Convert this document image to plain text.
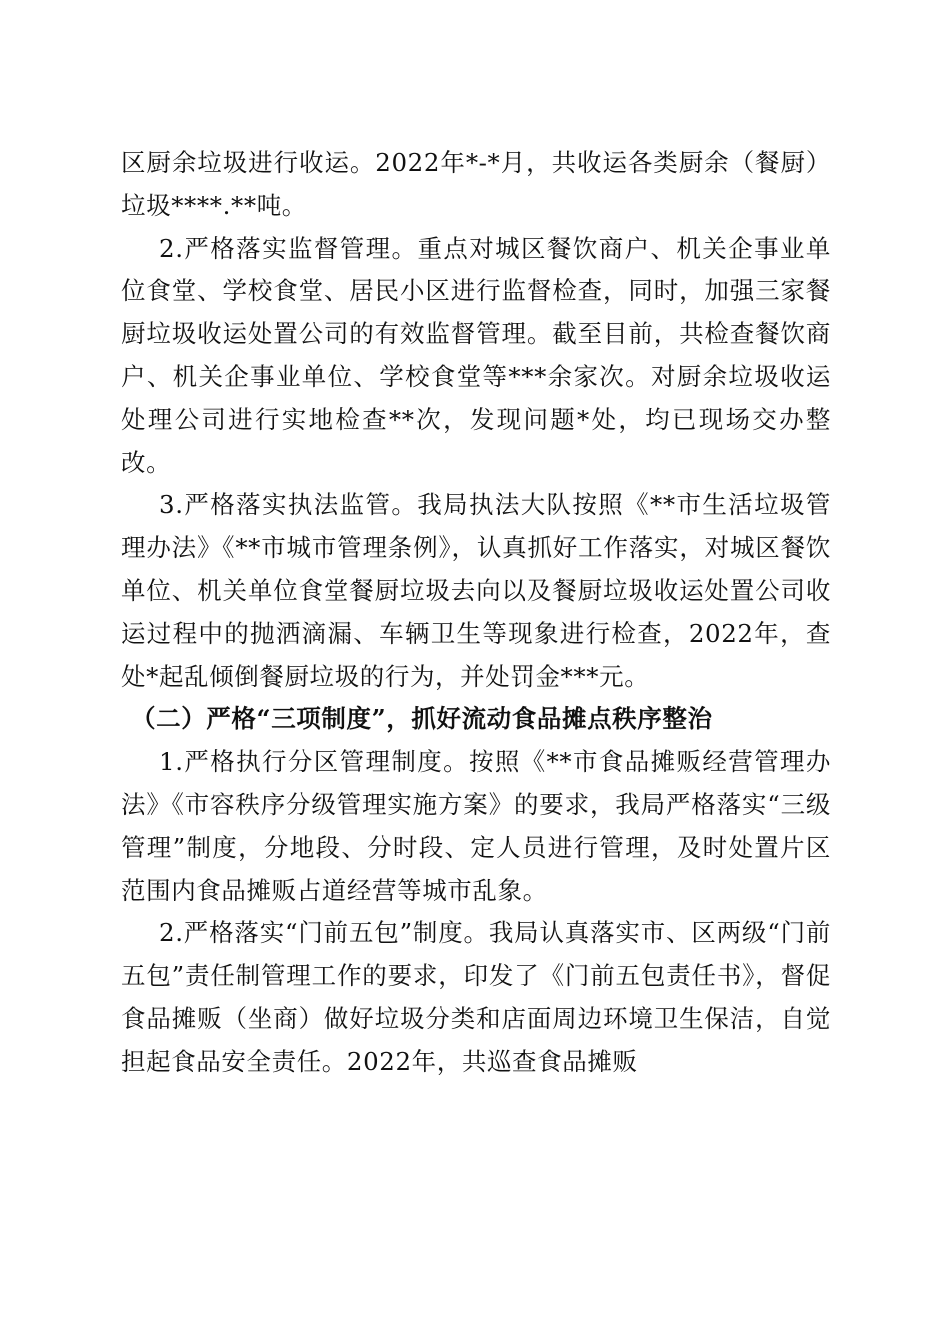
区厨余垃圾进行收运。2022年*-*月，共收运各类厨余（餐厨）垃圾****.**吨。

2.严格落实监督管理。重点对城区餐饮商户、机关企事业单位食堂、学校食堂、居民小区进行监督检查，同时，加强三家餐厨垃圾收运处置公司的有效监督管理。截至目前，共检查餐饮商户、机关企事业单位、学校食堂等***余家次。对厨余垃圾收运处理公司进行实地检查**次，发现问题*处，均已现场交办整改。

3.严格落实执法监管。我局执法大队按照《**市生活垃圾管理办法》《**市城市管理条例》，认真抓好工作落实，对城区餐饮单位、机关单位食堂餐厨垃圾去向以及餐厨垃圾收运处置公司收运过程中的抛洒滴漏、车辆卫生等现象进行检查，2022年，查处*起乱倾倒餐厨垃圾的行为，并处罚金***元。

（二）严格“三项制度”，抓好流动食品摊点秩序整治

1.严格执行分区管理制度。按照《**市食品摊贩经营管理办法》《市容秩序分级管理实施方案》的要求，我局严格落实“三级管理”制度，分地段、分时段、定人员进行管理，及时处置片区范围内食品摊贩占道经营等城市乱象。

2.严格落实“门前五包”制度。我局认真落实市、区两级“门前五包”责任制管理工作的要求，印发了《门前五包责任书》，督促食品摊贩（坐商）做好垃圾分类和店面周边环境卫生保洁，自觉担起食品安全责任。2022年，共巡查食品摊贩
